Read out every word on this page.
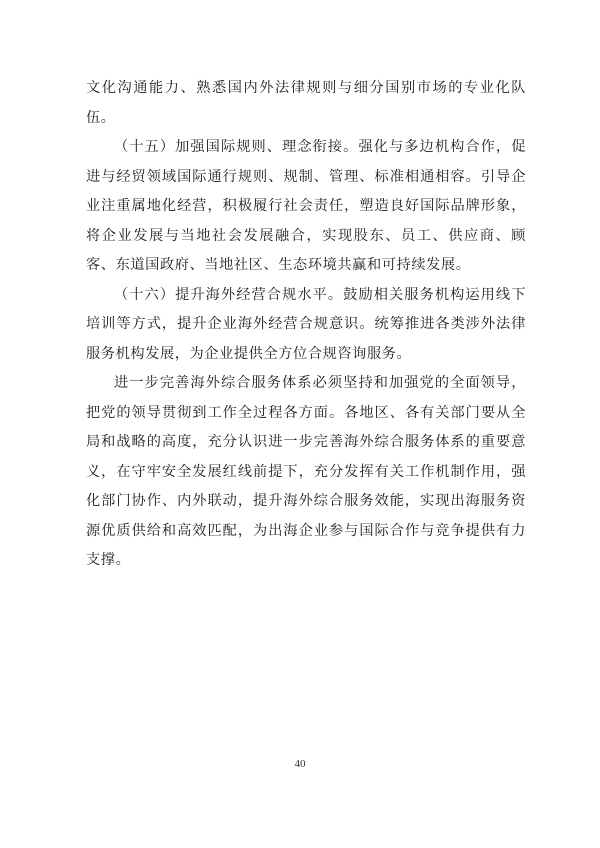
文化沟通能力、熟悉国内外法律规则与细分国别市场的专业化队伍。

（十五）加强国际规则、理念衔接。强化与多边机构合作，促进与经贸领域国际通行规则、规制、管理、标准相通相容。引导企业注重属地化经营，积极履行社会责任，塑造良好国际品牌形象，将企业发展与当地社会发展融合，实现股东、员工、供应商、顾客、东道国政府、当地社区、生态环境共赢和可持续发展。

（十六）提升海外经营合规水平。鼓励相关服务机构运用线下培训等方式，提升企业海外经营合规意识。统筹推进各类涉外法律服务机构发展，为企业提供全方位合规咨询服务。

进一步完善海外综合服务体系必须坚持和加强党的全面领导，把党的领导贯彻到工作全过程各方面。各地区、各有关部门要从全局和战略的高度，充分认识进一步完善海外综合服务体系的重要意义，在守牢安全发展红线前提下，充分发挥有关工作机制作用，强化部门协作、内外联动，提升海外综合服务效能，实现出海服务资源优质供给和高效匹配，为出海企业参与国际合作与竞争提供有力支撑。

40
